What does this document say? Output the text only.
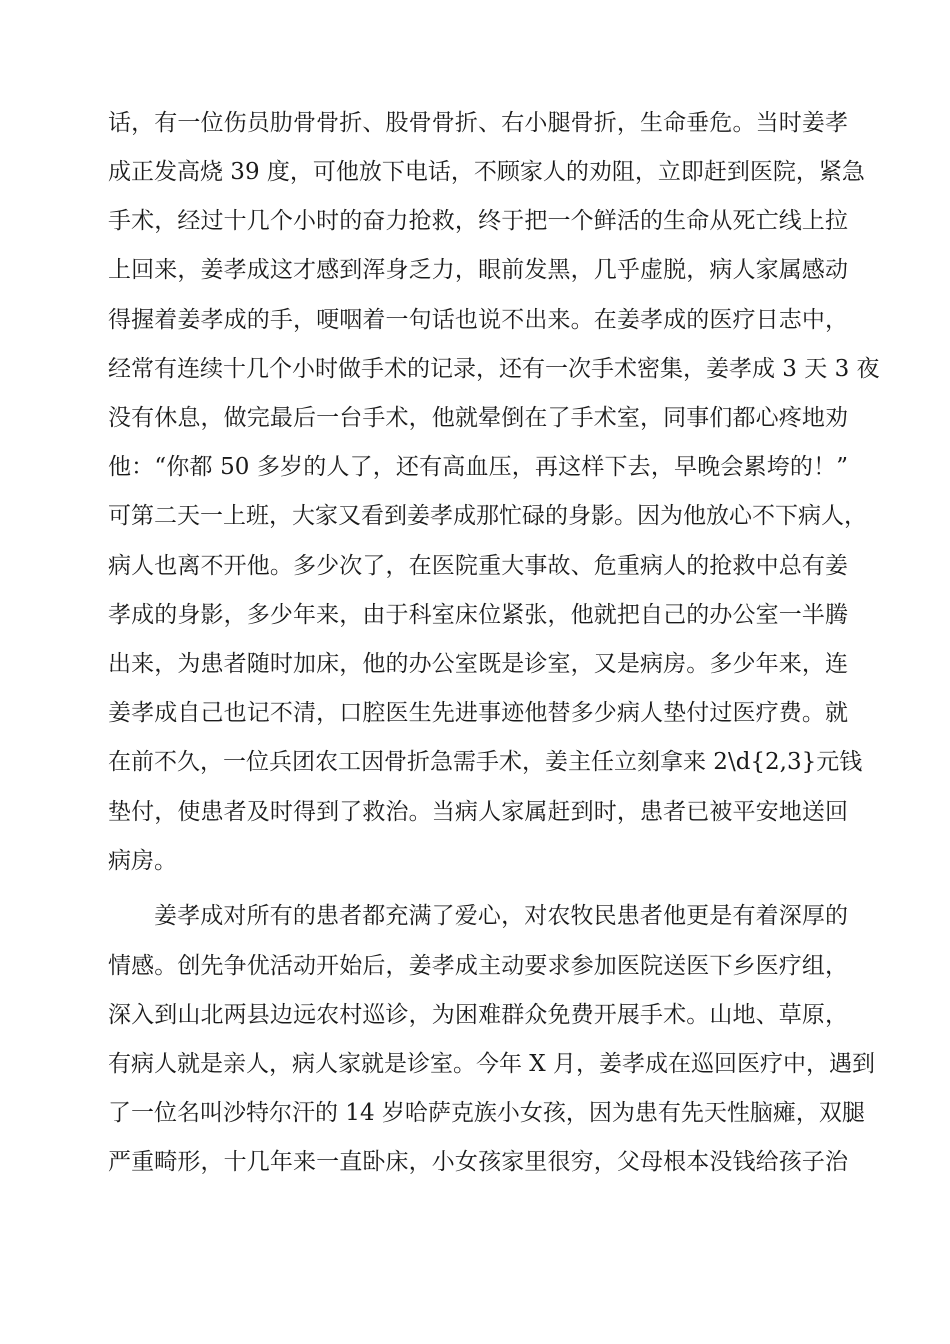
话，有一位伤员肋骨骨折、股骨骨折、右小腿骨折，生命垂危。当时姜孝
成正发高烧 39 度，可他放下电话，不顾家人的劝阻，立即赶到医院，紧急
手术，经过十几个小时的奋力抢救，终于把一个鲜活的生命从死亡线上拉
上回来，姜孝成这才感到浑身乏力，眼前发黑，几乎虚脱，病人家属感动
得握着姜孝成的手，哽咽着一句话也说不出来。在姜孝成的医疗日志中，
经常有连续十几个小时做手术的记录，还有一次手术密集，姜孝成 3 天 3 夜
没有休息，做完最后一台手术，他就晕倒在了手术室，同事们都心疼地劝
他：“你都 50 多岁的人了，还有高血压，再这样下去，早晚会累垮的！”
可第二天一上班，大家又看到姜孝成那忙碌的身影。因为他放心不下病人，
病人也离不开他。多少次了，在医院重大事故、危重病人的抢救中总有姜
孝成的身影，多少年来，由于科室床位紧张，他就把自己的办公室一半腾
出来，为患者随时加床，他的办公室既是诊室，又是病房。多少年来，连
姜孝成自己也记不清，口腔医生先进事迹他替多少病人垫付过医疗费。就
在前不久，一位兵团农工因骨折急需手术，姜主任立刻拿来 2\d{2,3}元钱
垫付，使患者及时得到了救治。当病人家属赶到时，患者已被平安地送回
病房。
姜孝成对所有的患者都充满了爱心，对农牧民患者他更是有着深厚的
情感。创先争优活动开始后，姜孝成主动要求参加医院送医下乡医疗组，
深入到山北两县边远农村巡诊，为困难群众免费开展手术。山地、草原，
有病人就是亲人，病人家就是诊室。今年 X 月，姜孝成在巡回医疗中，遇到
了一位名叫沙特尔汗的 14 岁哈萨克族小女孩，因为患有先天性脑瘫，双腿
严重畸形，十几年来一直卧床，小女孩家里很穷，父母根本没钱给孩子治
